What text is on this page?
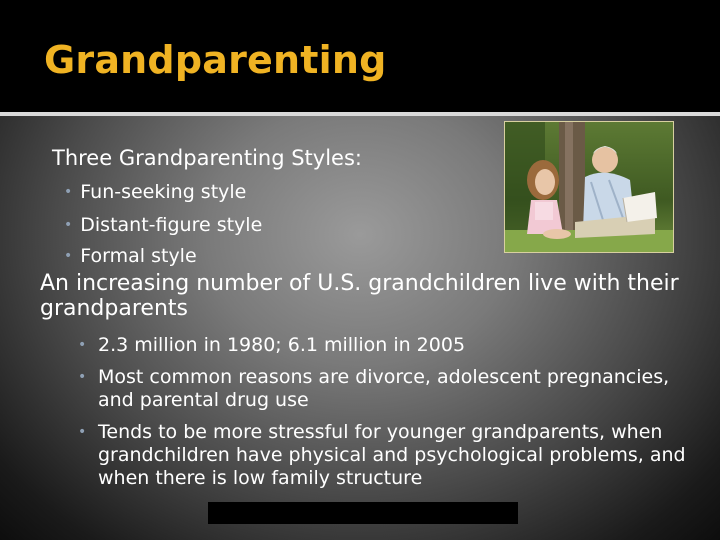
Grandparenting
Three Grandparenting Styles:
• Fun-seeking style
• Distant-figure style
• Formal style
An increasing number of U.S. grandchildren live with their grandparents
• 2.3 million in 1980; 6.1 million in 2005
• Most common reasons are divorce, adolescent pregnancies, and parental drug use
• Tends to be more stressful for younger grandparents, when grandchildren have physical and psychological problems, and when there is low family structure
